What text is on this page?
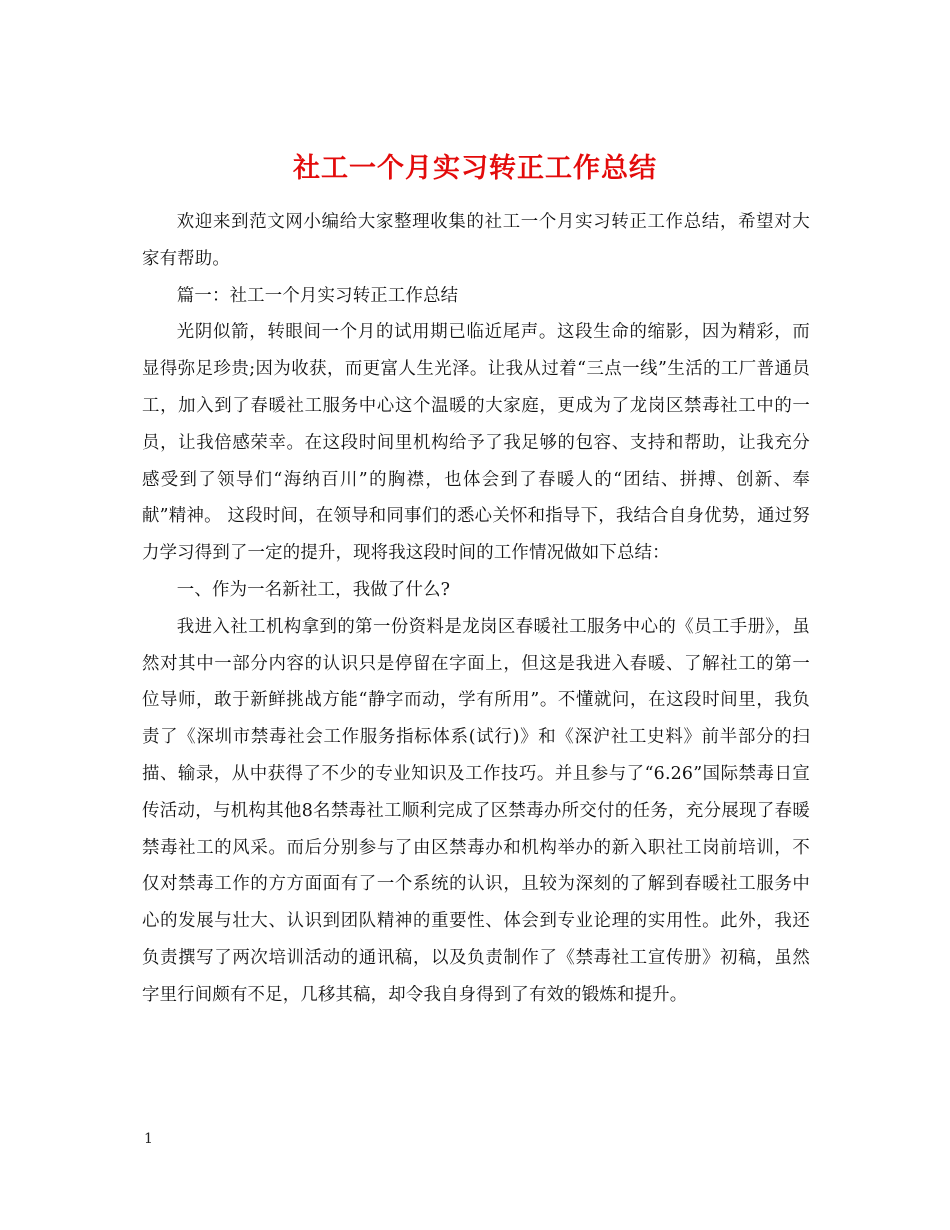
社工一个月实习转正工作总结

欢迎来到范文网小编给大家整理收集的社工一个月实习转正工作总结，希望对大家有帮助。

篇一：社工一个月实习转正工作总结

光阴似箭，转眼间一个月的试用期已临近尾声。这段生命的缩影，因为精彩，而显得弥足珍贵;因为收获，而更富人生光泽。让我从过着“三点一线”生活的工厂普通员工，加入到了春暖社工服务中心这个温暖的大家庭，更成为了龙岗区禁毒社工中的一员，让我倍感荣幸。在这段时间里机构给予了我足够的包容、支持和帮助，让我充分感受到了领导们“海纳百川”的胸襟，也体会到了春暖人的“团结、拼搏、创新、奉献”精神。 这段时间，在领导和同事们的悉心关怀和指导下，我结合自身优势，通过努力学习得到了一定的提升，现将我这段时间的工作情况做如下总结：

一、作为一名新社工，我做了什么?

我进入社工机构拿到的第一份资料是龙岗区春暖社工服务中心的《员工手册》，虽然对其中一部分内容的认识只是停留在字面上，但这是我进入春暖、了解社工的第一位导师，敢于新鲜挑战方能“静字而动，学有所用”。不懂就问，在这段时间里，我负责了《深圳市禁毒社会工作服务指标体系(试行)》和《深沪社工史料》前半部分的扫描、输录，从中获得了不少的专业知识及工作技巧。并且参与了“6.26”国际禁毒日宣传活动，与机构其他8名禁毒社工顺利完成了区禁毒办所交付的任务，充分展现了春暖禁毒社工的风采。而后分别参与了由区禁毒办和机构举办的新入职社工岗前培训，不仅对禁毒工作的方方面面有了一个系统的认识，且较为深刻的了解到春暖社工服务中心的发展与壮大、认识到团队精神的重要性、体会到专业论理的实用性。此外，我还负责撰写了两次培训活动的通讯稿，以及负责制作了《禁毒社工宣传册》初稿，虽然字里行间颇有不足，几移其稿，却令我自身得到了有效的锻炼和提升。

1
